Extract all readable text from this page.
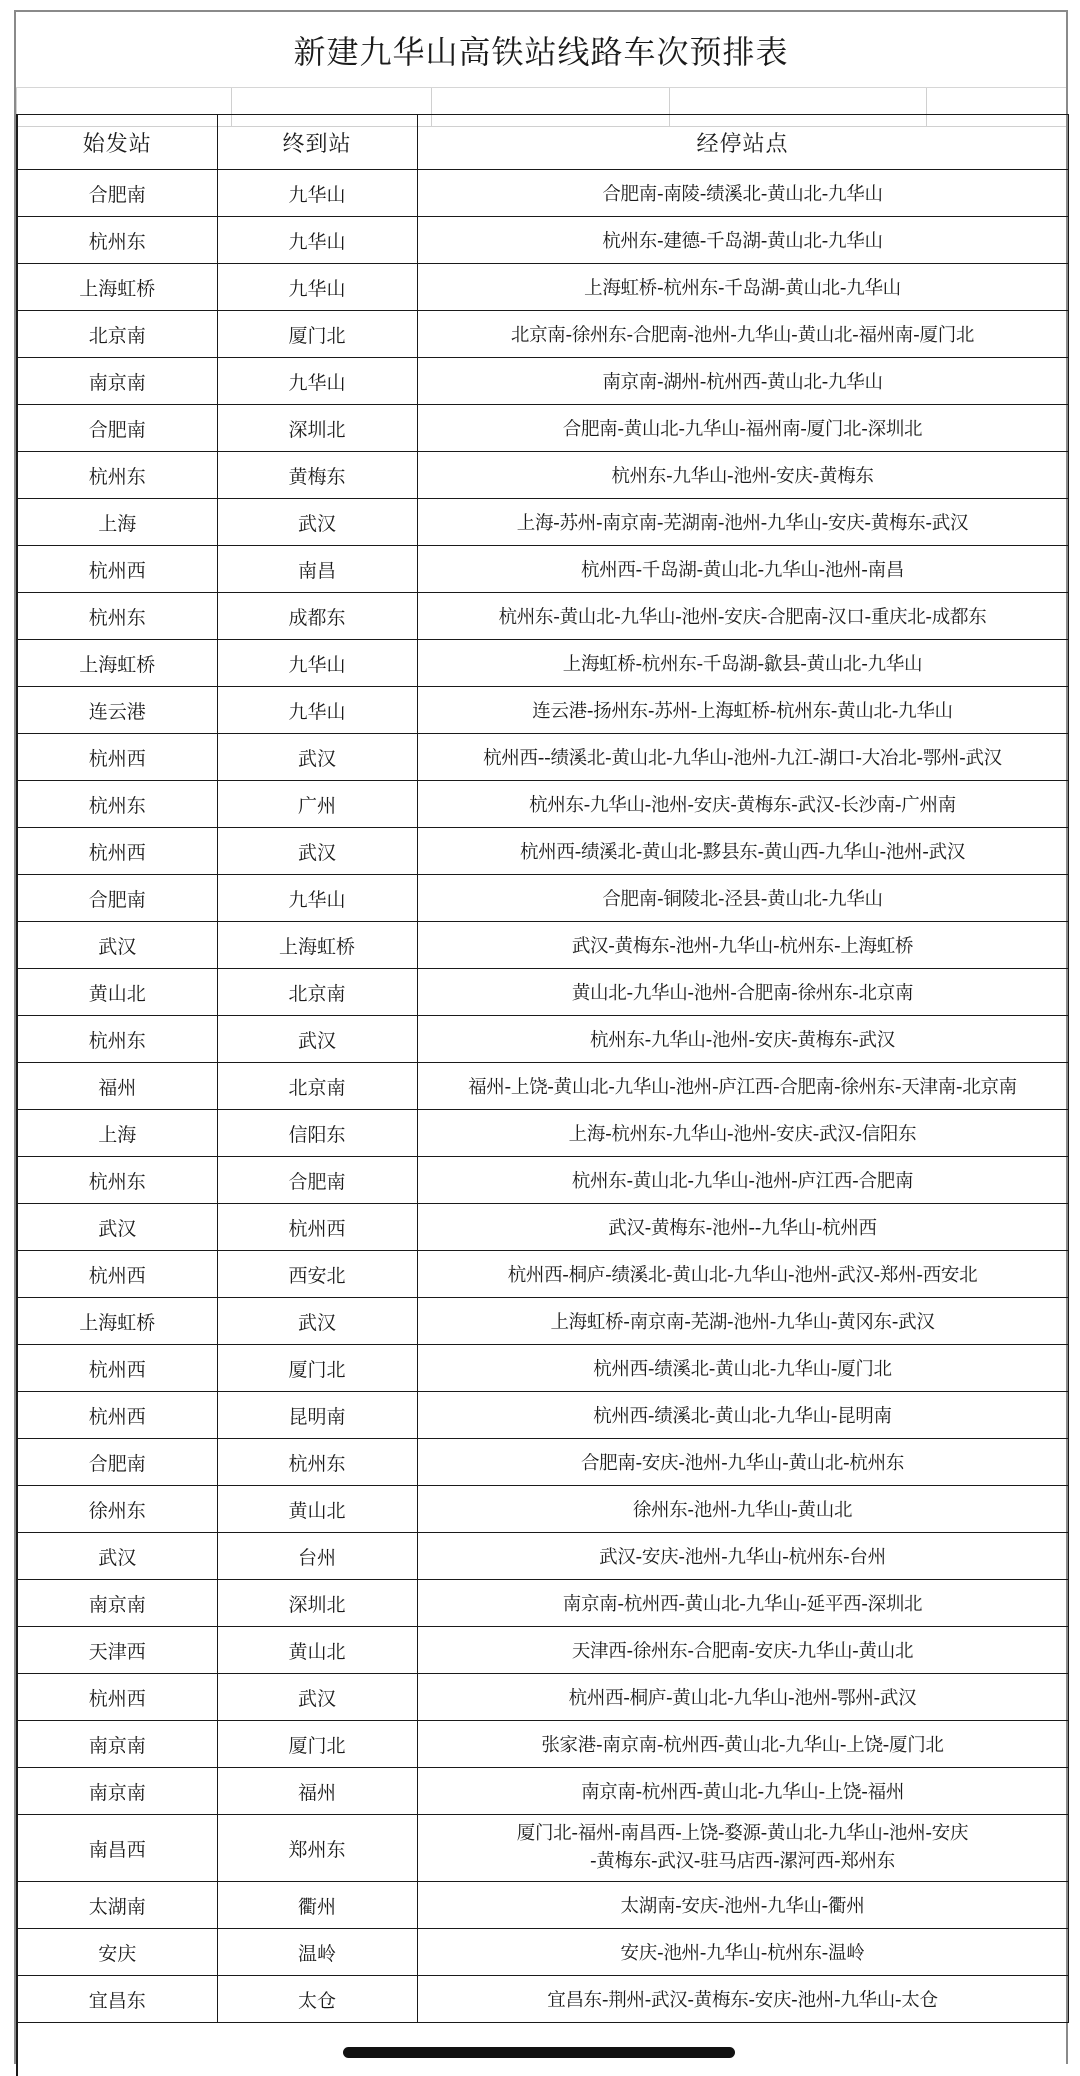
新建九华山高铁站线路车次预排表
始发站	终到站	经停站点
合肥南	九华山	合肥南-南陵-绩溪北-黄山北-九华山
杭州东	九华山	杭州东-建德-千岛湖-黄山北-九华山
上海虹桥	九华山	上海虹桥-杭州东-千岛湖-黄山北-九华山
北京南	厦门北	北京南-徐州东-合肥南-池州-九华山-黄山北-福州南-厦门北
南京南	九华山	南京南-湖州-杭州西-黄山北-九华山
合肥南	深圳北	合肥南-黄山北-九华山-福州南-厦门北-深圳北
杭州东	黄梅东	杭州东-九华山-池州-安庆-黄梅东
上海	武汉	上海-苏州-南京南-芜湖南-池州-九华山-安庆-黄梅东-武汉
杭州西	南昌	杭州西-千岛湖-黄山北-九华山-池州-南昌
杭州东	成都东	杭州东-黄山北-九华山-池州-安庆-合肥南-汉口-重庆北-成都东
上海虹桥	九华山	上海虹桥-杭州东-千岛湖-歙县-黄山北-九华山
连云港	九华山	连云港-扬州东-苏州-上海虹桥-杭州东-黄山北-九华山
杭州西	武汉	杭州西--绩溪北-黄山北-九华山-池州-九江-湖口-大冶北-鄂州-武汉
杭州东	广州	杭州东-九华山-池州-安庆-黄梅东-武汉-长沙南-广州南
杭州西	武汉	杭州西-绩溪北-黄山北-黟县东-黄山西-九华山-池州-武汉
合肥南	九华山	合肥南-铜陵北-泾县-黄山北-九华山
武汉	上海虹桥	武汉-黄梅东-池州-九华山-杭州东-上海虹桥
黄山北	北京南	黄山北-九华山-池州-合肥南-徐州东-北京南
杭州东	武汉	杭州东-九华山-池州-安庆-黄梅东-武汉
福州	北京南	福州-上饶-黄山北-九华山-池州-庐江西-合肥南-徐州东-天津南-北京南
上海	信阳东	上海-杭州东-九华山-池州-安庆-武汉-信阳东
杭州东	合肥南	杭州东-黄山北-九华山-池州-庐江西-合肥南
武汉	杭州西	武汉-黄梅东-池州--九华山-杭州西
杭州西	西安北	杭州西-桐庐-绩溪北-黄山北-九华山-池州-武汉-郑州-西安北
上海虹桥	武汉	上海虹桥-南京南-芜湖-池州-九华山-黄冈东-武汉
杭州西	厦门北	杭州西-绩溪北-黄山北-九华山-厦门北
杭州西	昆明南	杭州西-绩溪北-黄山北-九华山-昆明南
合肥南	杭州东	合肥南-安庆-池州-九华山-黄山北-杭州东
徐州东	黄山北	徐州东-池州-九华山-黄山北
武汉	台州	武汉-安庆-池州-九华山-杭州东-台州
南京南	深圳北	南京南-杭州西-黄山北-九华山-延平西-深圳北
天津西	黄山北	天津西-徐州东-合肥南-安庆-九华山-黄山北
杭州西	武汉	杭州西-桐庐-黄山北-九华山-池州-鄂州-武汉
南京南	厦门北	张家港-南京南-杭州西-黄山北-九华山-上饶-厦门北
南京南	福州	南京南-杭州西-黄山北-九华山-上饶-福州
南昌西	郑州东	厦门北-福州-南昌西-上饶-婺源-黄山北-九华山-池州-安庆
-黄梅东-武汉-驻马店西-漯河西-郑州东

太湖南	衢州	太湖南-安庆-池州-九华山-衢州
安庆	温岭	安庆-池州-九华山-杭州东-温岭
宜昌东	太仓	宜昌东-荆州-武汉-黄梅东-安庆-池州-九华山-太仓
